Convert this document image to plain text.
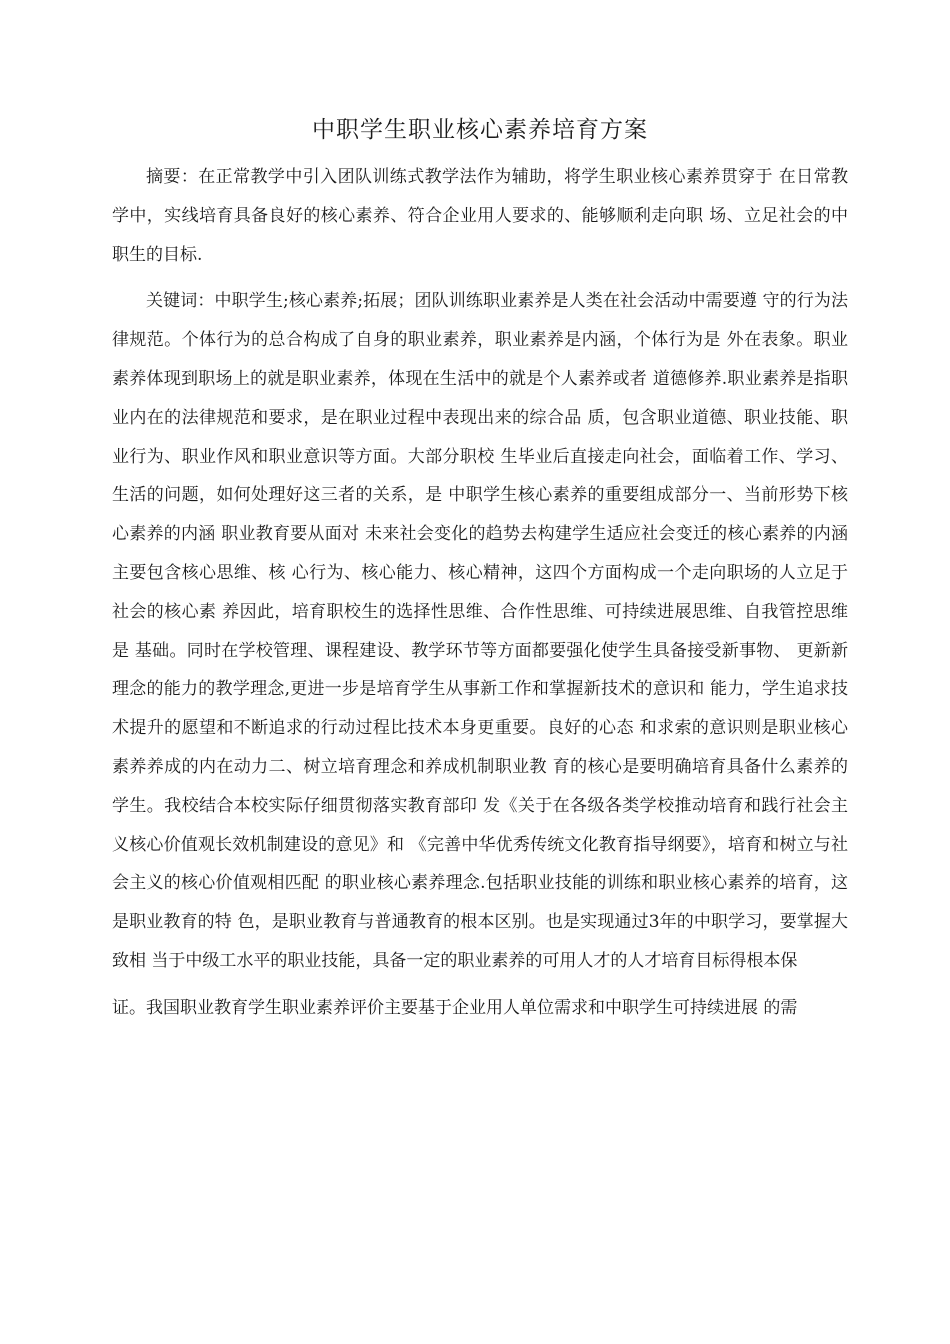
中职学生职业核心素养培育方案

摘要：在正常教学中引入团队训练式教学法作为辅助，将学生职业核心素养贯穿于 在日常教学中，实线培育具备良好的核心素养、符合企业用人要求的、能够顺利走向职 场、立足社会的中职生的目标.

关键词：中职学生;核心素养;拓展；团队训练职业素养是人类在社会活动中需要遵 守的行为法律规范。个体行为的总合构成了自身的职业素养，职业素养是内涵，个体行为是 外在表象。职业素养体现到职场上的就是职业素养，体现在生活中的就是个人素养或者 道德修养.职业素养是指职业内在的法律规范和要求，是在职业过程中表现出来的综合品 质，包含职业道德、职业技能、职业行为、职业作风和职业意识等方面。大部分职校 生毕业后直接走向社会，面临着工作、学习、生活的问题，如何处理好这三者的关系，是 中职学生核心素养的重要组成部分一、当前形势下核心素养的内涵 职业教育要从面对 未来社会变化的趋势去构建学生适应社会变迁的核心素养的内涵主要包含核心思维、核 心行为、核心能力、核心精神，这四个方面构成一个走向职场的人立足于社会的核心素 养因此，培育职校生的选择性思维、合作性思维、可持续进展思维、自我管控思维是 基础。同时在学校管理、课程建设、教学环节等方面都要强化使学生具备接受新事物、 更新新理念的能力的教学理念,更进一步是培育学生从事新工作和掌握新技术的意识和 能力，学生追求技术提升的愿望和不断追求的行动过程比技术本身更重要。良好的心态 和求索的意识则是职业核心素养养成的内在动力二、树立培育理念和养成机制职业教 育的核心是要明确培育具备什么素养的学生。我校结合本校实际仔细贯彻落实教育部印 发《关于在各级各类学校推动培育和践行社会主义核心价值观长效机制建设的意见》和 《完善中华优秀传统文化教育指导纲要》，培育和树立与社会主义的核心价值观相匹配 的职业核心素养理念.包括职业技能的训练和职业核心素养的培育，这是职业教育的特 色，是职业教育与普通教育的根本区别。也是实现通过3年的中职学习，要掌握大致相 当于中级工水平的职业技能，具备一定的职业素养的可用人才的人才培育目标得根本保

证。我国职业教育学生职业素养评价主要基于企业用人单位需求和中职学生可持续进展 的需
